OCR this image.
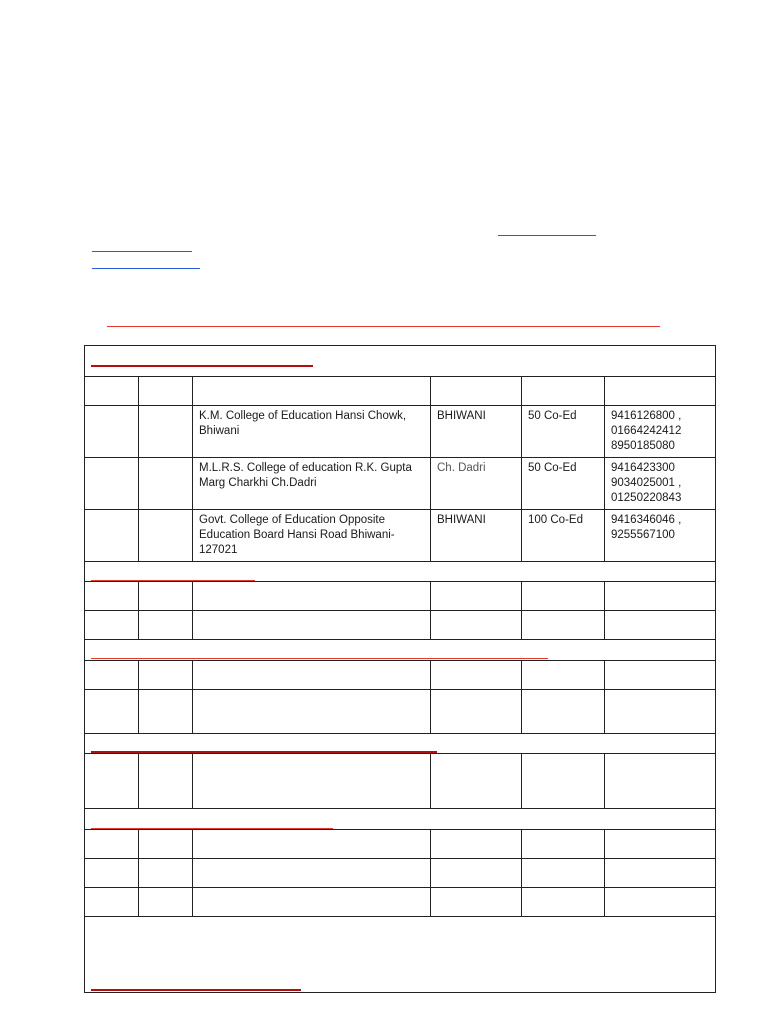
		K.M. College of Education Hansi Chowk, Bhiwani	BHIWANI	50 Co-Ed	9416126800 ,
01664242412
8950185080

		M.L.R.S. College of education R.K. Gupta Marg Charkhi Ch.Dadri	Ch. Dadri	50 Co-Ed	9416423300
9034025001 ,
01250220843

		Govt. College of Education Opposite Education Board Hansi Road Bhiwani-127021	BHIWANI	100 Co-Ed	9416346046 ,
9255567100
